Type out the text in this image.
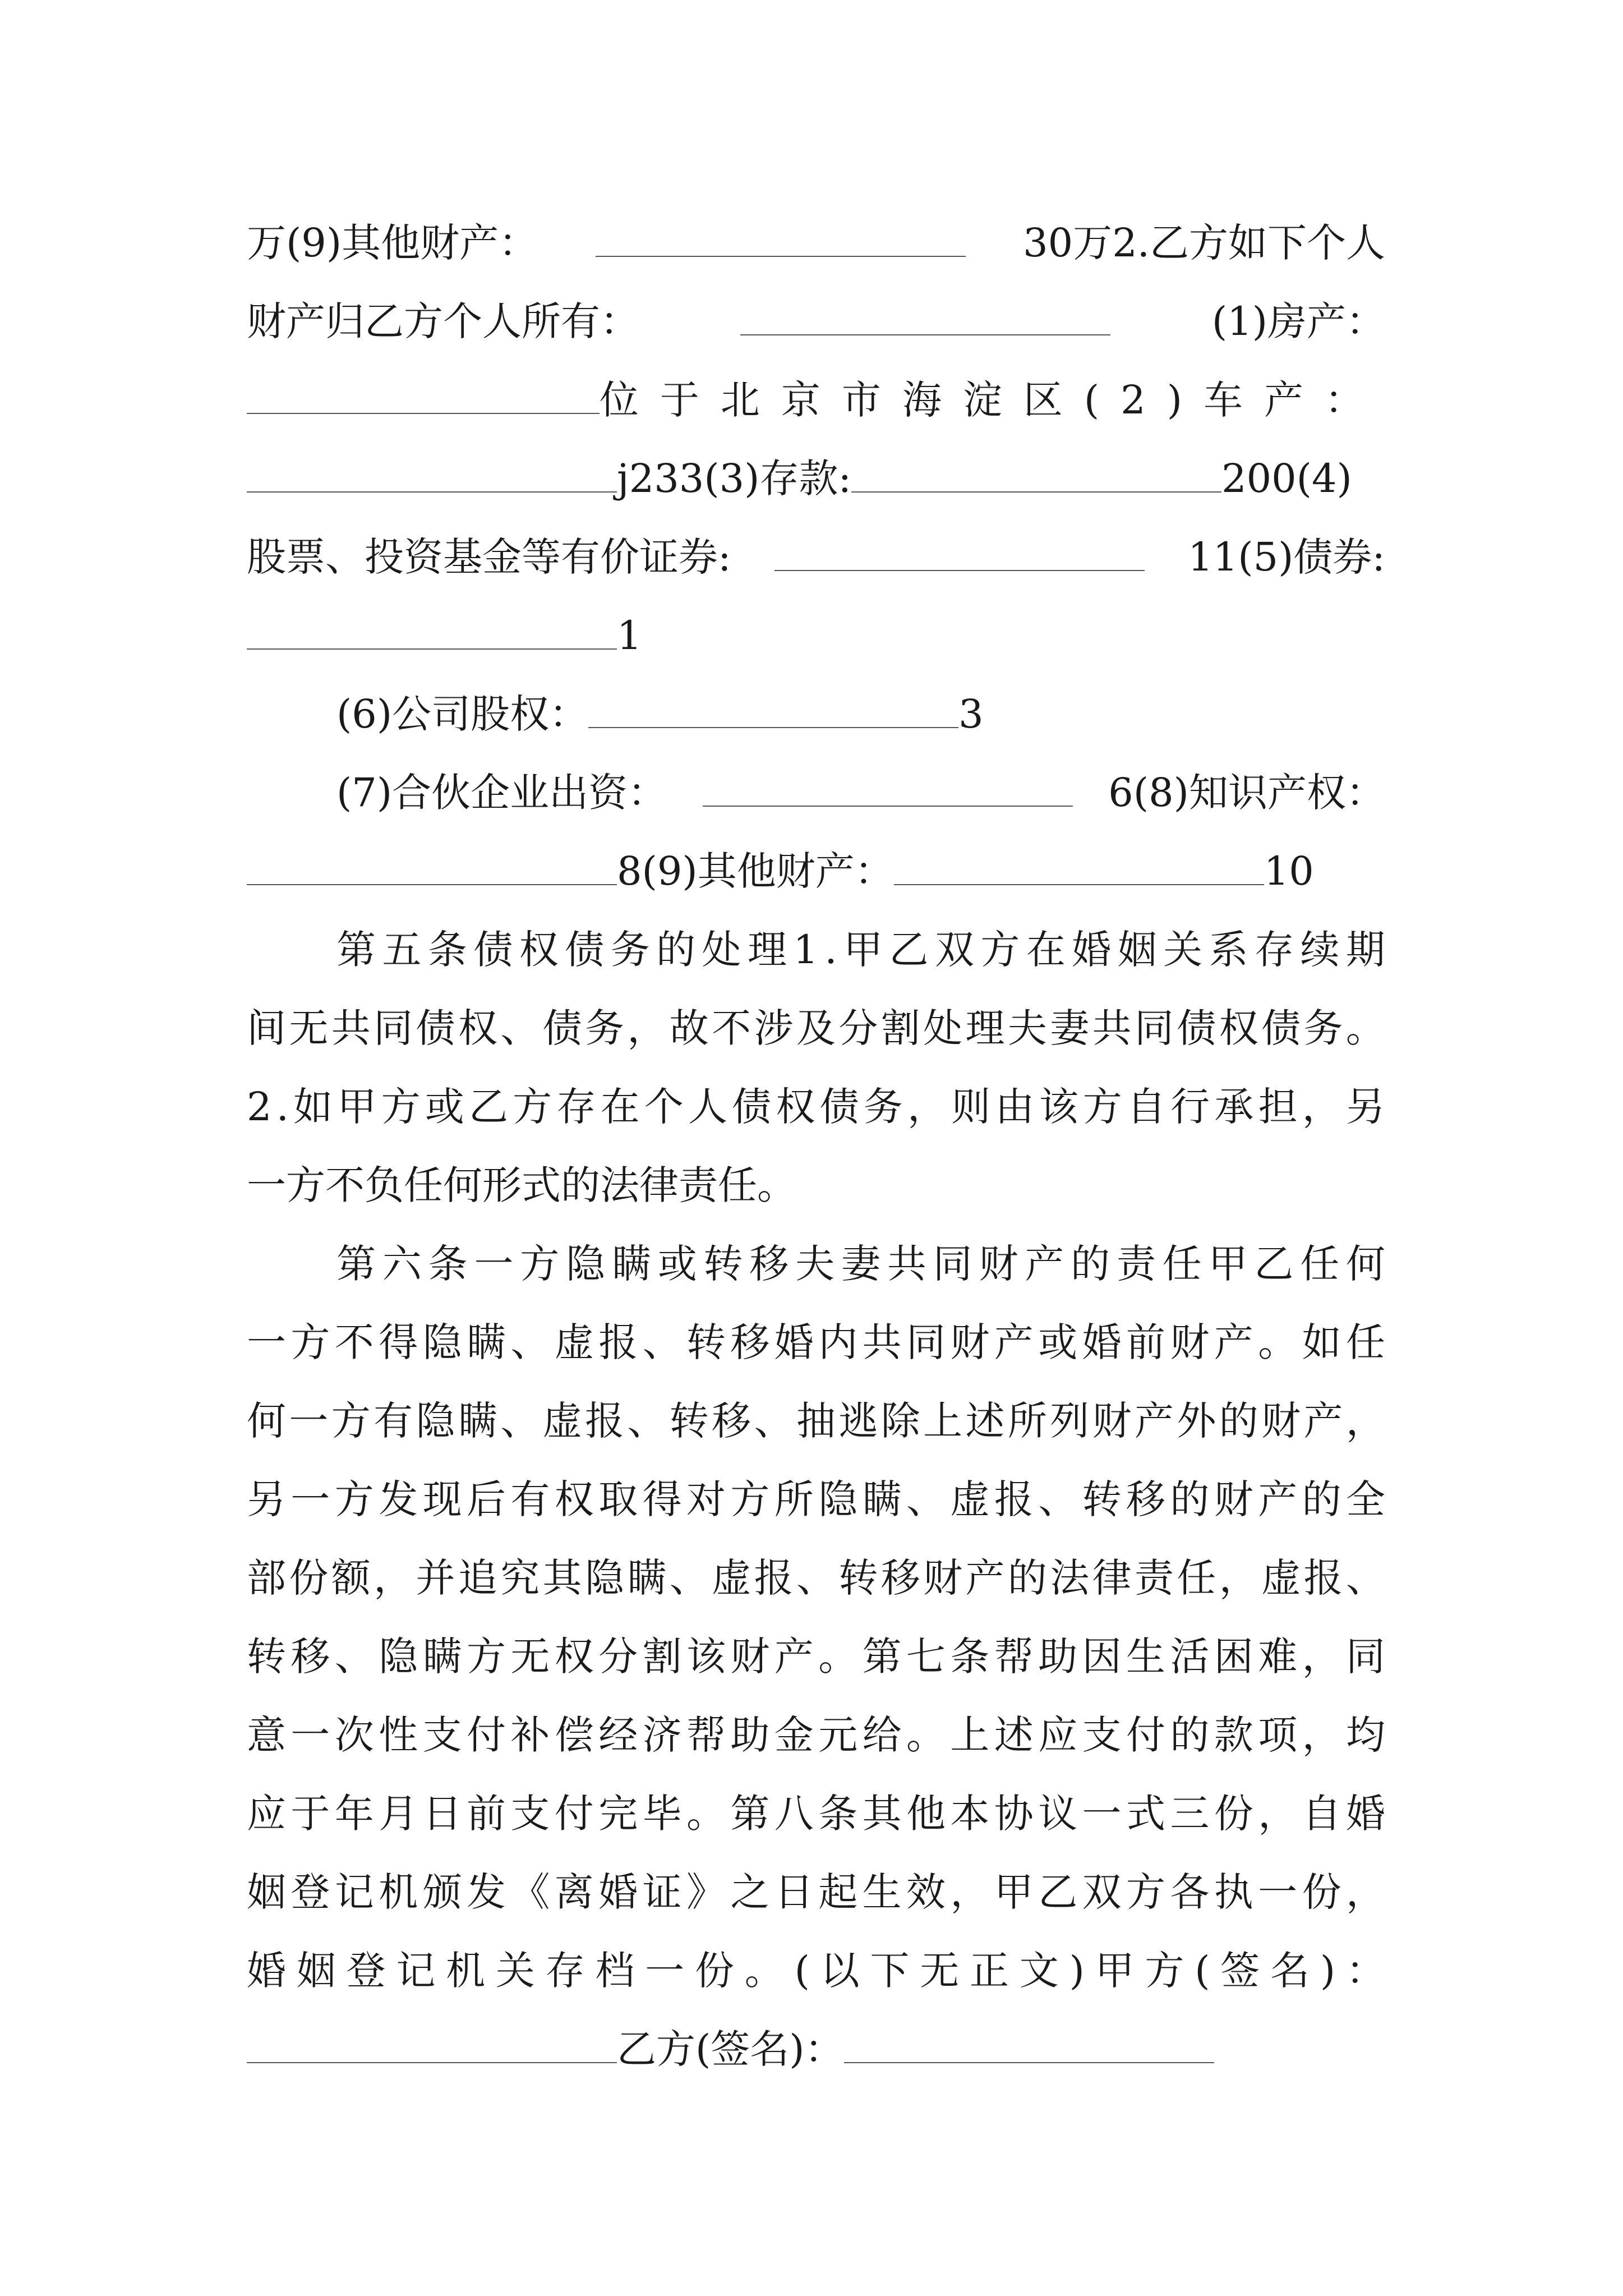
万(9)其他财产：	30万2.乙方如下个人
财产归乙方个人所有：	(1)房产：
位于北京市海淀区(2)车产：
j233(3)存款:	200(4)
股票、投资基金等有价证券:	11(5)债券:
1
(6)公司股权：	3
(7)合伙企业出资：	6(8)知识产权：
8(9)其他财产：	10
第五条债权债务的处理1.甲乙双方在婚姻关系存续期
间无共同债权、债务，故不涉及分割处理夫妻共同债权债务。
2.如甲方或乙方存在个人债权债务，则由该方自行承担，另
一方不负任何形式的法律责任。
第六条一方隐瞒或转移夫妻共同财产的责任甲乙任何
一方不得隐瞒、虚报、转移婚内共同财产或婚前财产。如任
何一方有隐瞒、虚报、转移、抽逃除上述所列财产外的财产，
另一方发现后有权取得对方所隐瞒、虚报、转移的财产的全
部份额，并追究其隐瞒、虚报、转移财产的法律责任，虚报、
转移、隐瞒方无权分割该财产。第七条帮助因生活困难，同
意一次性支付补偿经济帮助金元给。上述应支付的款项，均
应于年月日前支付完毕。第八条其他本协议一式三份，自婚
姻登记机颁发《离婚证》之日起生效，甲乙双方各执一份，
婚姻登记机关存档一份。(以下无正文)甲方(签名)：
乙方(签名)：
